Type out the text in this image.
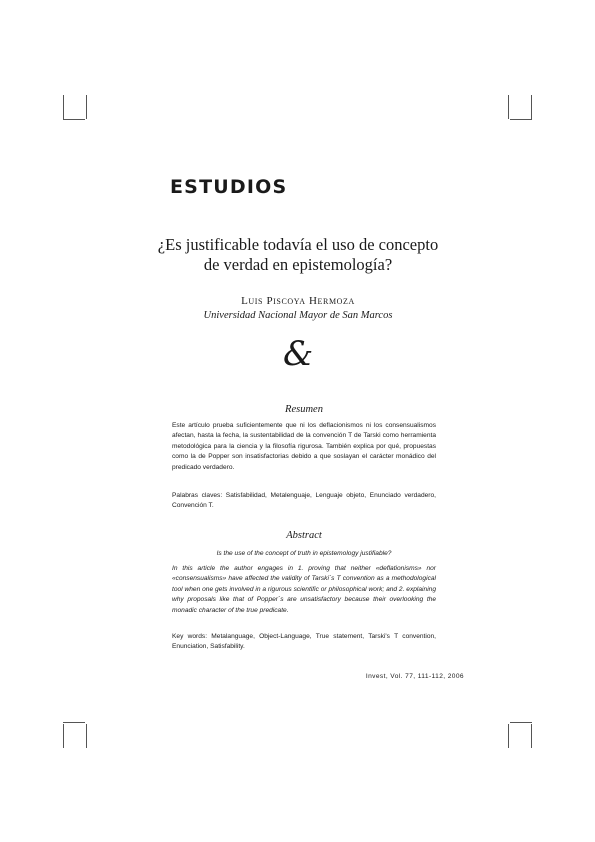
ESTUDIOS
¿Es justificable todavía el uso de concepto de verdad en epistemología?
Luis Piscoya Hermoza
Universidad Nacional Mayor de San Marcos
&
Resumen

Este artículo prueba suficientemente que ni los deflacionismos ni los consensualismos afectan, hasta la fecha, la sustentabilidad de la convención T de Tarski como herramienta metodológica para la ciencia y la filosofía rigurosa. También explica por qué, propuestas como la de Popper son insatisfactorias debido a que soslayan el carácter monádico del predicado verdadero.

Palabras claves: Satisfabilidad, Metalenguaje, Lenguaje objeto, Enunciado verdadero, Convención T.

Abstract
Is the use of the concept of truth in epistemology justifiable?

In this article the author engages in 1. proving that neither «deflationisms» nor «consensualisms» have affected the validity of Tarski´s T convention as a methodological tool when one gets involved in a rigurous scientific or philosophical work; and 2. explaining why proposals like that of Popper´s are unsatisfactory because their overlooking the monadic character of the true predicate.

Key words: Metalanguage, Object-Language, True statement, Tarski's T convention, Enunciation, Satisfability.

Invest, Vol. 77, 111-112, 2006
